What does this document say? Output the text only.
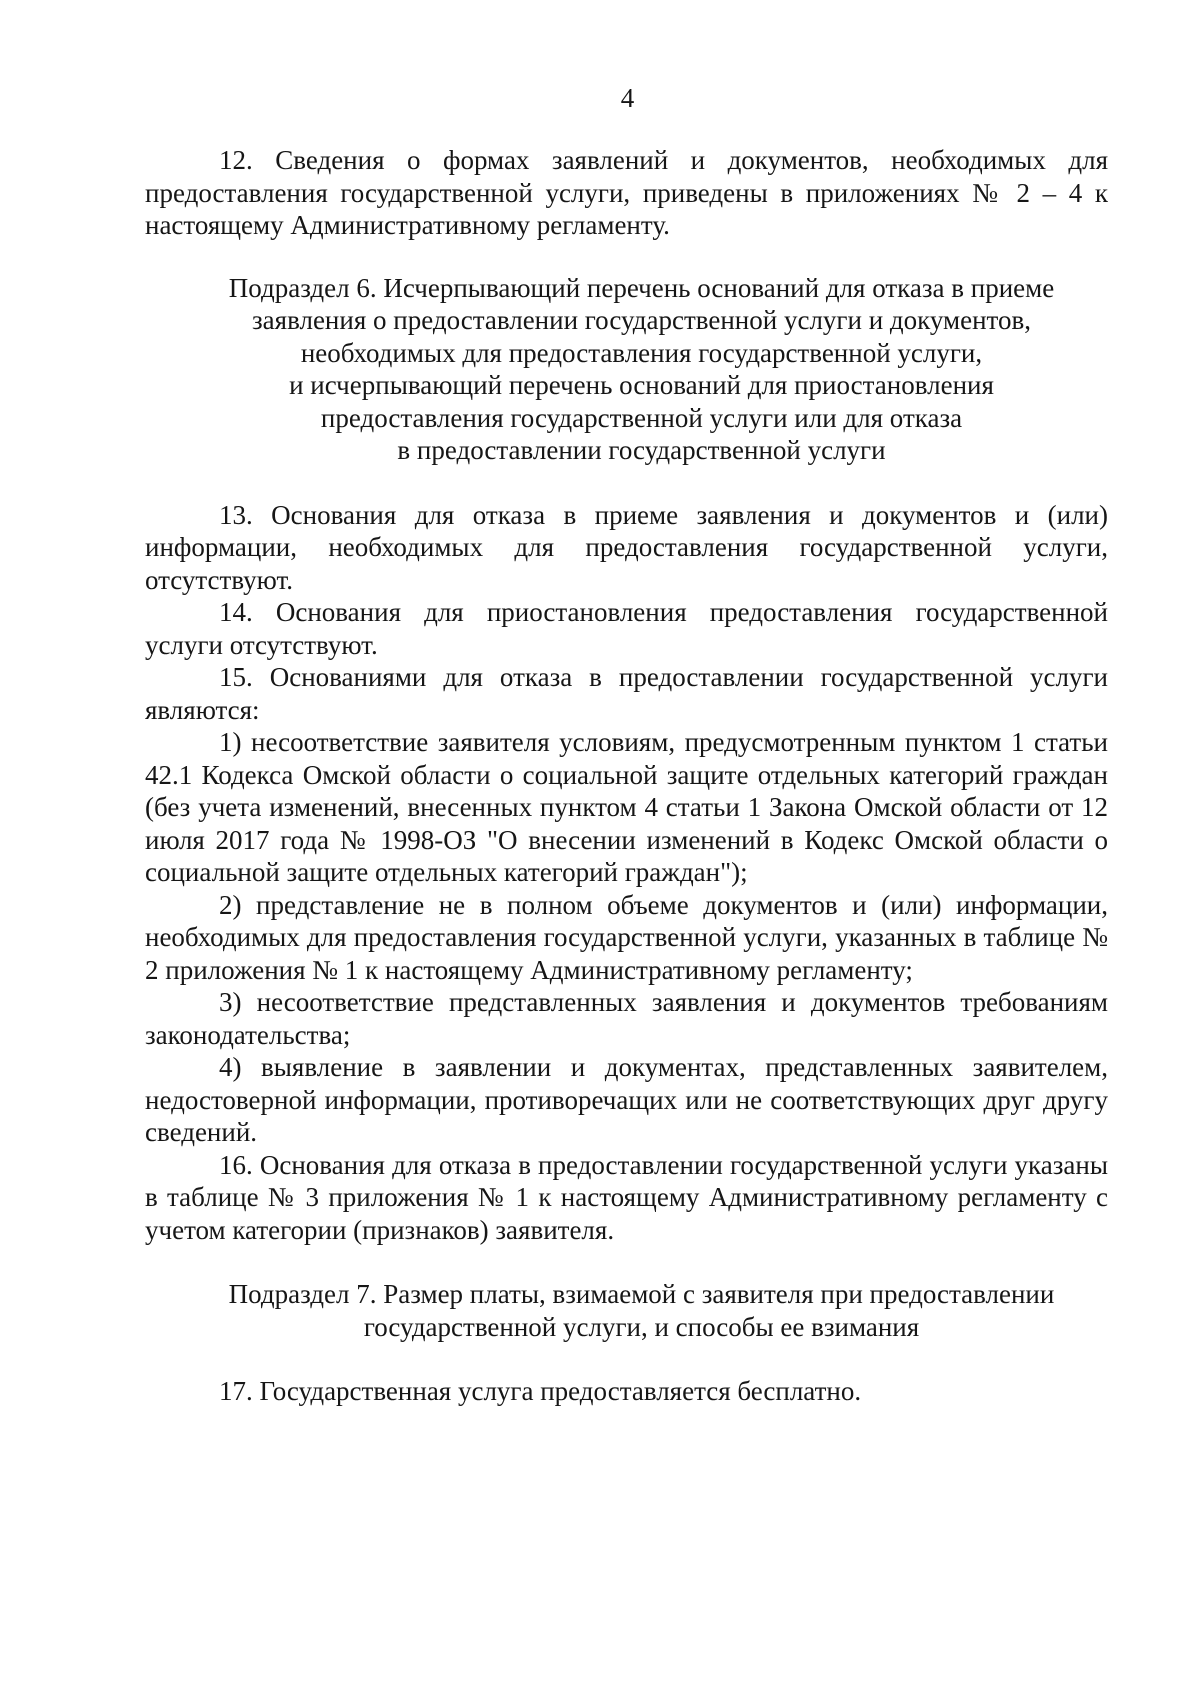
4

12. Сведения о формах заявлений и документов, необходимых для предоставления государственной услуги, приведены в приложениях № 2 – 4 к настоящему Административному регламенту.

Подраздел 6. Исчерпывающий перечень оснований для отказа в приеме
заявления о предоставлении государственной услуги и документов,
необходимых для предоставления государственной услуги,
и исчерпывающий перечень оснований для приостановления
предоставления государственной услуги или для отказа
в предоставлении государственной услуги

13. Основания для отказа в приеме заявления и документов и (или) информации, необходимых для предоставления государственной услуги, отсутствуют.

14. Основания для приостановления предоставления государственной услуги отсутствуют.

15. Основаниями для отказа в предоставлении государственной услуги являются:

1) несоответствие заявителя условиям, предусмотренным пунктом 1 статьи 42.1 Кодекса Омской области о социальной защите отдельных категорий граждан (без учета изменений, внесенных пунктом 4 статьи 1 Закона Омской области от 12 июля 2017 года № 1998-ОЗ "О внесении изменений в Кодекс Омской области о социальной защите отдельных категорий граждан");

2) представление не в полном объеме документов и (или) информации, необходимых для предоставления государственной услуги, указанных в таблице № 2 приложения № 1 к настоящему Административному регламенту;

3) несоответствие представленных заявления и документов требованиям законодательства;

4) выявление в заявлении и документах, представленных заявителем, недостоверной информации, противоречащих или не соответствующих друг другу сведений.

16. Основания для отказа в предоставлении государственной услуги указаны в таблице № 3 приложения № 1 к настоящему Административному регламенту с учетом категории (признаков) заявителя.

Подраздел 7. Размер платы, взимаемой с заявителя при предоставлении
государственной услуги, и способы ее взимания

17. Государственная услуга предоставляется бесплатно.
